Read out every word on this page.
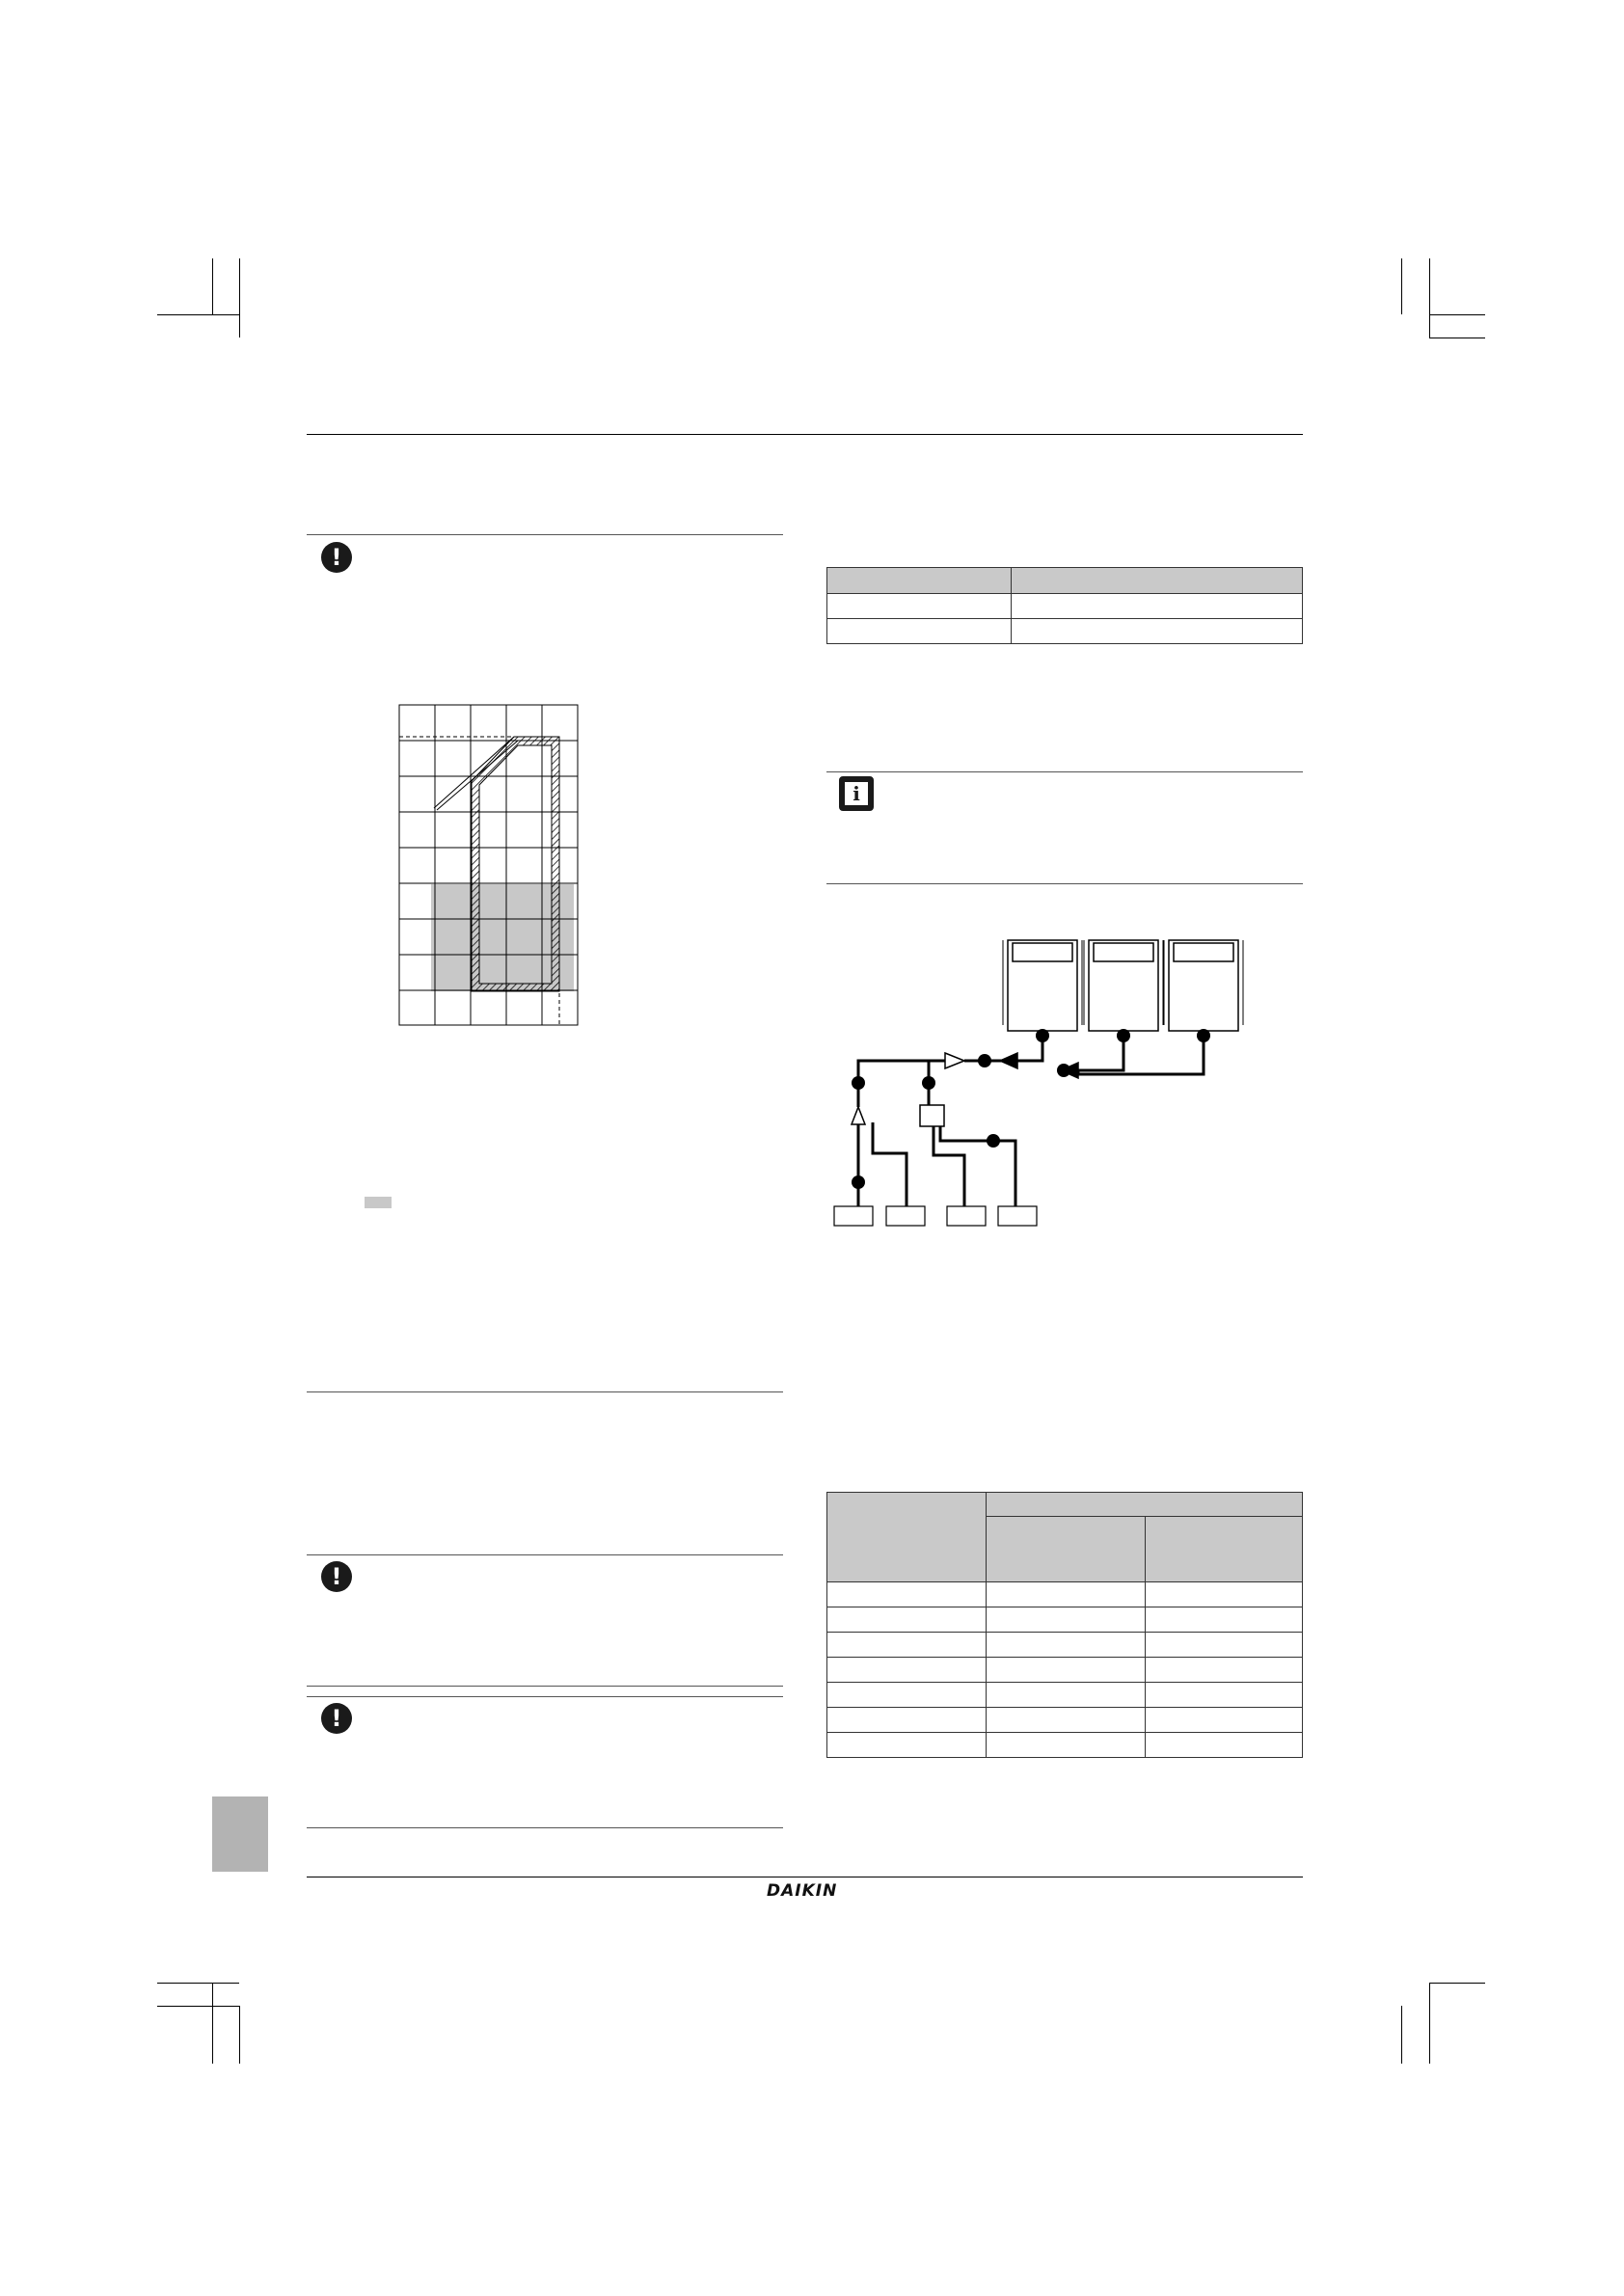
!
!
!

i

DAIKIN
